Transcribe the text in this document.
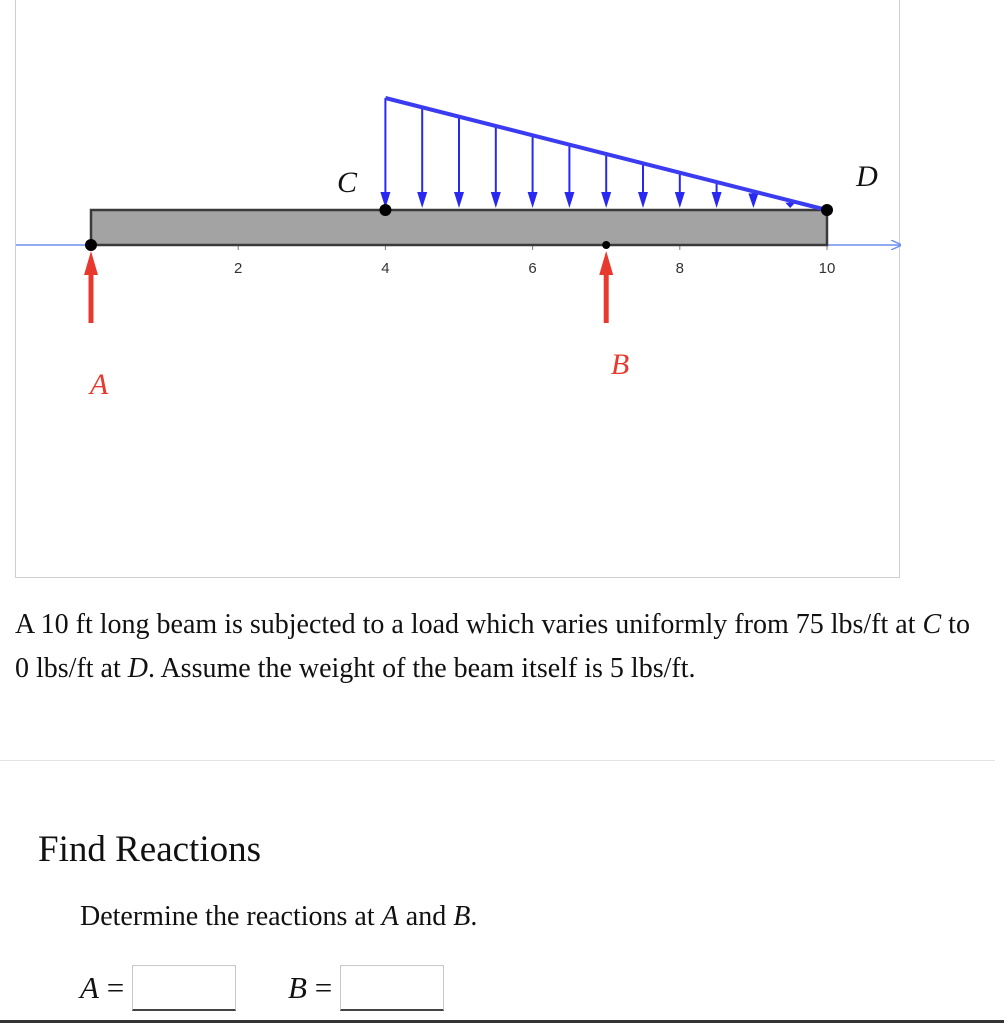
2	4	6	8	10
A
B
C	D

A 10 ft long beam is subjected to a load which varies uniformly from 75 lbs/ft at C to 0 lbs/ft at D. Assume the weight of the beam itself is 5 lbs/ft.

Find Reactions

Determine the reactions at A and B.

A =	B =
